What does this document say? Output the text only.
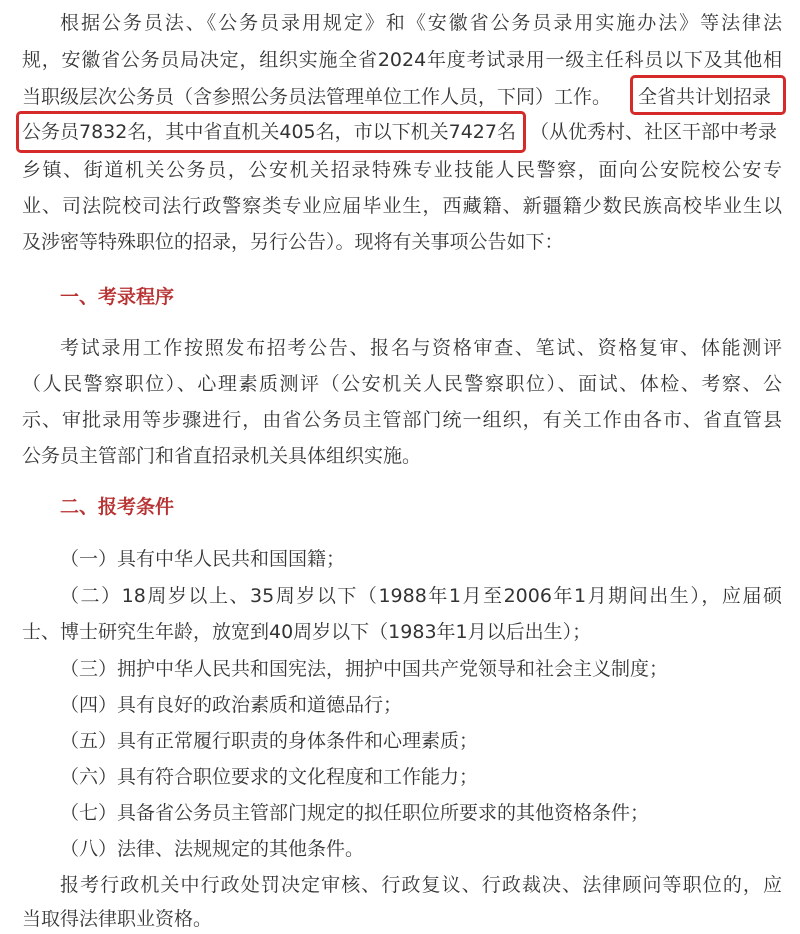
根据公务员法、《公务员录用规定》和《安徽省公务员录用实施办法》等法律法
规，安徽省公务员局决定，组织实施全省2024年度考试录用一级主任科员以下及其他相
当职级层次公务员（含参照公务员法管理单位工作人员，下同）工作。 全省共计划招录
公务员7832名，其中省直机关405名，市以下机关7427名 （从优秀村、社区干部中考录
乡镇、街道机关公务员，公安机关招录特殊专业技能人民警察，面向公安院校公安专
业、司法院校司法行政警察类专业应届毕业生，西藏籍、新疆籍少数民族高校毕业生以
及涉密等特殊职位的招录，另行公告）。现将有关事项公告如下：
一、考录程序
考试录用工作按照发布招考公告、报名与资格审查、笔试、资格复审、体能测评
（人民警察职位）、心理素质测评（公安机关人民警察职位）、面试、体检、考察、公
示、审批录用等步骤进行，由省公务员主管部门统一组织，有关工作由各市、省直管县
公务员主管部门和省直招录机关具体组织实施。
二、报考条件
（一）具有中华人民共和国国籍；
（二）18周岁以上、35周岁以下（1988年1月至2006年1月期间出生），应届硕
士、博士研究生年龄，放宽到40周岁以下（1983年1月以后出生）；
（三）拥护中华人民共和国宪法，拥护中国共产党领导和社会主义制度；
（四）具有良好的政治素质和道德品行；
（五）具有正常履行职责的身体条件和心理素质；
（六）具有符合职位要求的文化程度和工作能力；
（七）具备省公务员主管部门规定的拟任职位所要求的其他资格条件；
（八）法律、法规规定的其他条件。
报考行政机关中行政处罚决定审核、行政复议、行政裁决、法律顾问等职位的，应
当取得法律职业资格。
